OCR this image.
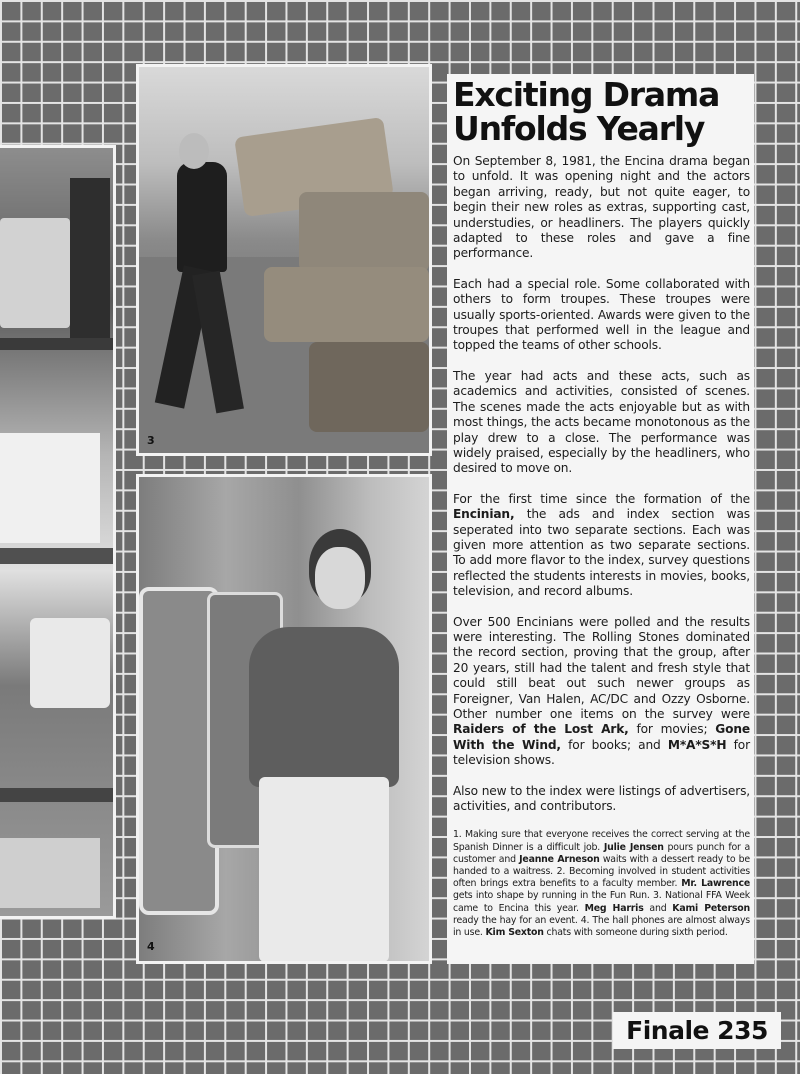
3
4
Exciting Drama Unfolds Yearly

On September 8, 1981, the Encina drama began to unfold. It was opening night and the actors began arriving, ready, but not quite eager, to begin their new roles as extras, supporting cast, understudies, or headliners. The players quickly adapted to these roles and gave a fine performance.

Each had a special role. Some collaborated with others to form troupes. These troupes were usually sports-oriented. Awards were given to the troupes that performed well in the league and topped the teams of other schools.

The year had acts and these acts, such as academics and activities, consisted of scenes. The scenes made the acts enjoyable but as with most things, the acts became monotonous as the play drew to a close. The performance was widely praised, especially by the headliners, who desired to move on.

For the first time since the formation of the Encinian, the ads and index section was seperated into two separate sections. Each was given more attention as two separate sections. To add more flavor to the index, survey questions reflected the students interests in movies, books, television, and record albums.

Over 500 Encinians were polled and the results were interesting. The Rolling Stones dominated the record section, proving that the group, after 20 years, still had the talent and fresh style that could still beat out such newer groups as Foreigner, Van Halen, AC/DC and Ozzy Osborne. Other number one items on the survey were Raiders of the Lost Ark, for movies; Gone With the Wind, for books; and M*A*S*H for television shows.

Also new to the index were listings of advertisers, activities, and contributors.

1. Making sure that everyone receives the correct serving at the Spanish Dinner is a difficult job. Julie Jensen pours punch for a customer and Jeanne Arneson waits with a dessert ready to be handed to a waitress. 2. Becoming involved in student activities often brings extra benefits to a faculty member. Mr. Lawrence gets into shape by running in the Fun Run. 3. National FFA Week came to Encina this year. Meg Harris and Kami Peterson ready the hay for an event. 4. The hall phones are almost always in use. Kim Sexton chats with someone during sixth period.

Finale 235
